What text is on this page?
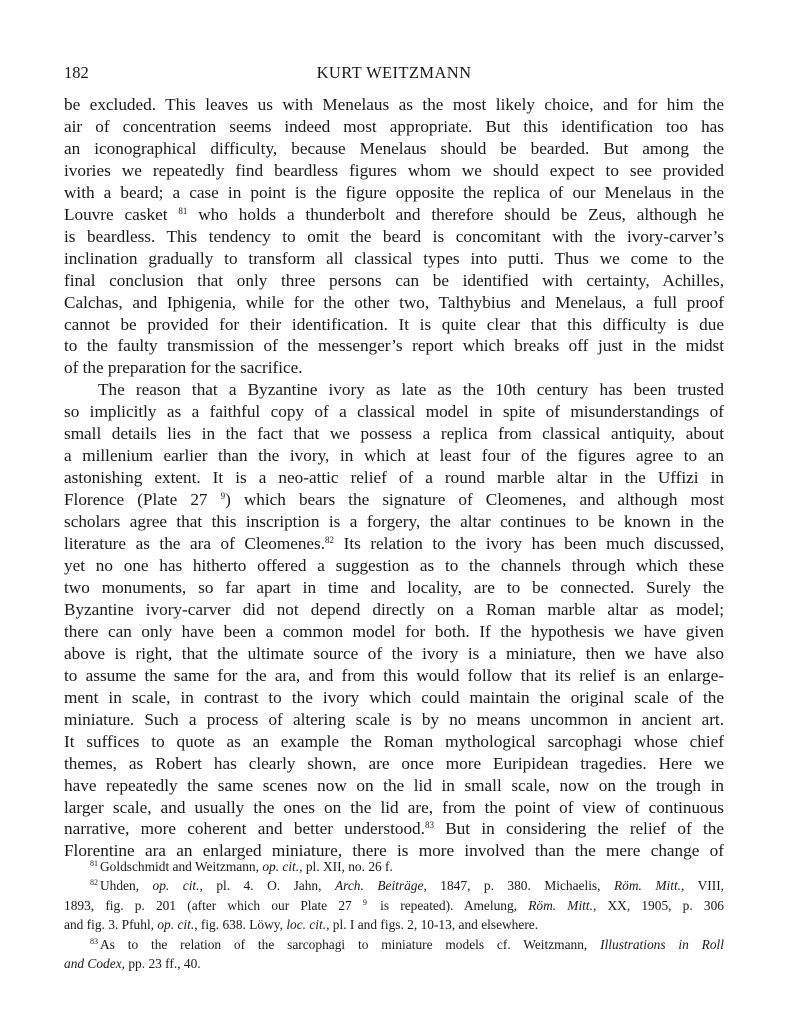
182	KURT WEITZMANN
be excluded. This leaves us with Menelaus as the most likely choice, and for him the
air of concentration seems indeed most appropriate. But this identification too has
an iconographical difficulty, because Menelaus should be bearded. But among the
ivories we repeatedly find beardless figures whom we should expect to see provided
with a beard; a case in point is the figure opposite the replica of our Menelaus in the
Louvre casket $^{81}$ who holds a thunderbolt and therefore should be Zeus, although he
is beardless. This tendency to omit the beard is concomitant with the ivory-carver’s
inclination gradually to transform all classical types into putti. Thus we come to the
final conclusion that only three persons can be identified with certainty, Achilles,
Calchas, and Iphigenia, while for the other two, Talthybius and Menelaus, a full proof
cannot be provided for their identification. It is quite clear that this difficulty is due
to the faulty transmission of the messenger’s report which breaks off just in the midst
of the preparation for the sacrifice.
The reason that a Byzantine ivory as late as the 10th century has been trusted
so implicitly as a faithful copy of a classical model in spite of misunderstandings of
small details lies in the fact that we possess a replica from classical antiquity, about
a millenium earlier than the ivory, in which at least four of the figures agree to an
astonishing extent. It is a neo-attic relief of a round marble altar in the Uffizi in
Florence (Plate 27 $^9$) which bears the signature of Cleomenes, and although most
scholars agree that this inscription is a forgery, the altar continues to be known in the
literature as the ara of Cleomenes.$^{82}$ Its relation to the ivory has been much discussed,
yet no one has hitherto offered a suggestion as to the channels through which these
two monuments, so far apart in time and locality, are to be connected. Surely the
Byzantine ivory-carver did not depend directly on a Roman marble altar as model;
there can only have been a common model for both. If the hypothesis we have given
above is right, that the ultimate source of the ivory is a miniature, then we have also
to assume the same for the ara, and from this would follow that its relief is an enlarge-
ment in scale, in contrast to the ivory which could maintain the original scale of the
miniature. Such a process of altering scale is by no means uncommon in ancient art.
It suffices to quote as an example the Roman mythological sarcophagi whose chief
themes, as Robert has clearly shown, are once more Euripidean tragedies. Here we
have repeatedly the same scenes now on the lid in small scale, now on the trough in
larger scale, and usually the ones on the lid are, from the point of view of continuous
narrative, more coherent and better understood.$^{83}$ But in considering the relief of the
Florentine ara an enlarged miniature, there is more involved than the mere change of
$^{81}$ Goldschmidt and Weitzmann, op. cit., pl. XII, no. 26 f.
$^{82}$ Uhden, op. cit., pl. 4. O. Jahn, Arch. Beiträge, 1847, p. 380. Michaelis, Röm. Mitt., VIII,
1893, fig. p. 201 (after which our Plate 27 $^9$ is repeated). Amelung, Röm. Mitt., XX, 1905, p. 306
and fig. 3. Pfuhl, op. cit., fig. 638. Löwy, loc. cit., pl. I and figs. 2, 10-13, and elsewhere.
$^{83}$ As to the relation of the sarcophagi to miniature models cf. Weitzmann, Illustrations in Roll
and Codex, pp. 23 ff., 40.
